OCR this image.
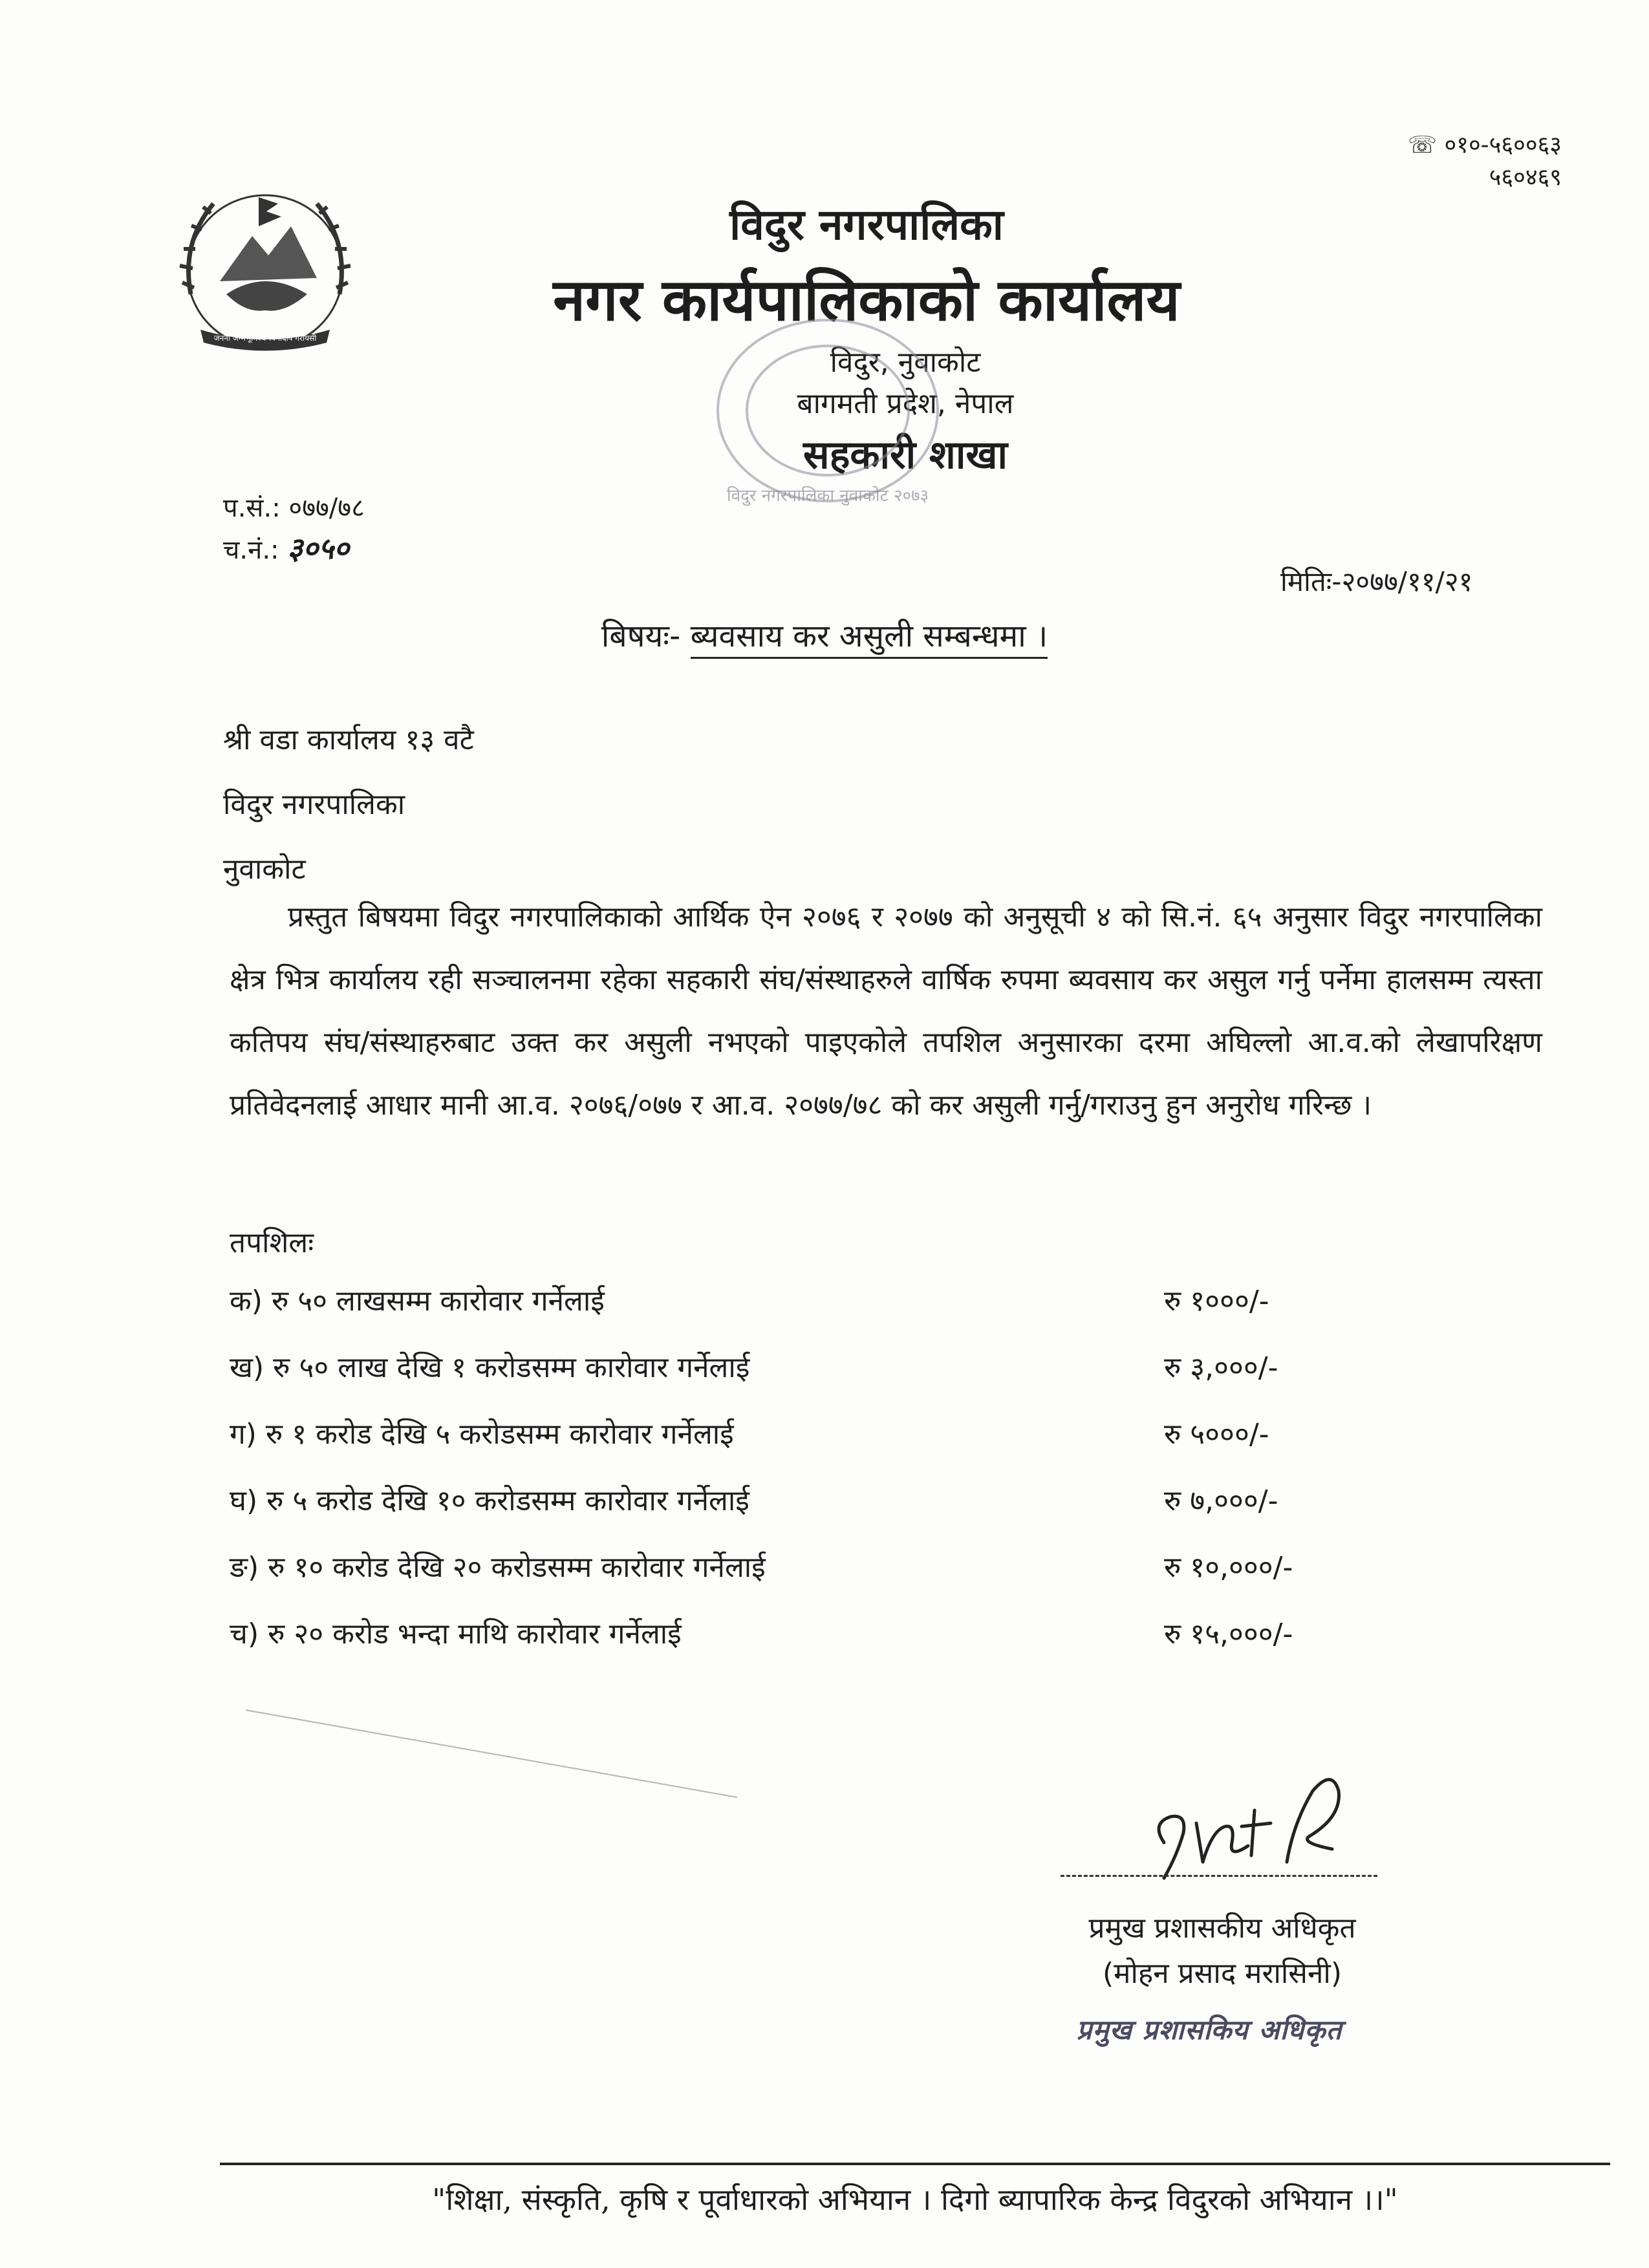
जननी जन्मभूमिश्च स्वर्गादपि गरीयसी
☏ ०१०-५६००६३
५६०४६९
विदुर नगरपालिका
नगर कार्यपालिकाको कार्यालय
विदुर, नुवाकोट
बागमती प्रदेश, नेपाल
सहकारी शाखा
विदुर नगरपालिका नुवाकोट २०७३
प.सं.: ०७७/७८
च.नं.: ३०५०
मितिः-२०७७/११/२१
बिषयः- ब्यवसाय कर असुली सम्बन्धमा ।
श्री वडा कार्यालय १३ वटै
विदुर नगरपालिका
नुवाकोट
प्रस्तुत बिषयमा विदुर नगरपालिकाको आर्थिक ऐन २०७६ र २०७७ को अनुसूची ४ को सि.नं. ६५ अनुसार विदुर नगरपालिका क्षेत्र भित्र कार्यालय रही सञ्चालनमा रहेका सहकारी संघ/संस्थाहरुले वार्षिक रुपमा ब्यवसाय कर असुल गर्नु पर्नेमा हालसम्म त्यस्ता कतिपय संघ/संस्थाहरुबाट उक्त कर असुली नभएको पाइएकोले तपशिल अनुसारका दरमा अघिल्लो आ.व.को लेखापरिक्षण प्रतिवेदनलाई आधार मानी आ.व. २०७६/०७७ र आ.व. २०७७/७८ को कर असुली गर्नु/गराउनु हुन अनुरोध गरिन्छ ।
तपशिलः
क) रु ५० लाखसम्म कारोवार गर्नेलाई	रु १०००/-
ख) रु ५० लाख देखि १ करोडसम्म कारोवार गर्नेलाई	रु ३,०००/-
ग) रु १ करोड देखि ५ करोडसम्म कारोवार गर्नेलाई	रु ५०००/-
घ) रु ५ करोड देखि १० करोडसम्म कारोवार गर्नेलाई	रु ७,०००/-
ङ) रु १० करोड देखि २० करोडसम्म कारोवार गर्नेलाई	रु १०,०००/-
च) रु २० करोड भन्दा माथि कारोवार गर्नेलाई	रु १५,०००/-
प्रमुख प्रशासकीय अधिकृत
(मोहन प्रसाद मरासिनी)
प्रमुख प्रशासकिय अधिकृत
"शिक्षा, संस्कृति, कृषि र पूर्वाधारको अभियान । दिगो ब्यापारिक केन्द्र विदुरको अभियान ।।"
